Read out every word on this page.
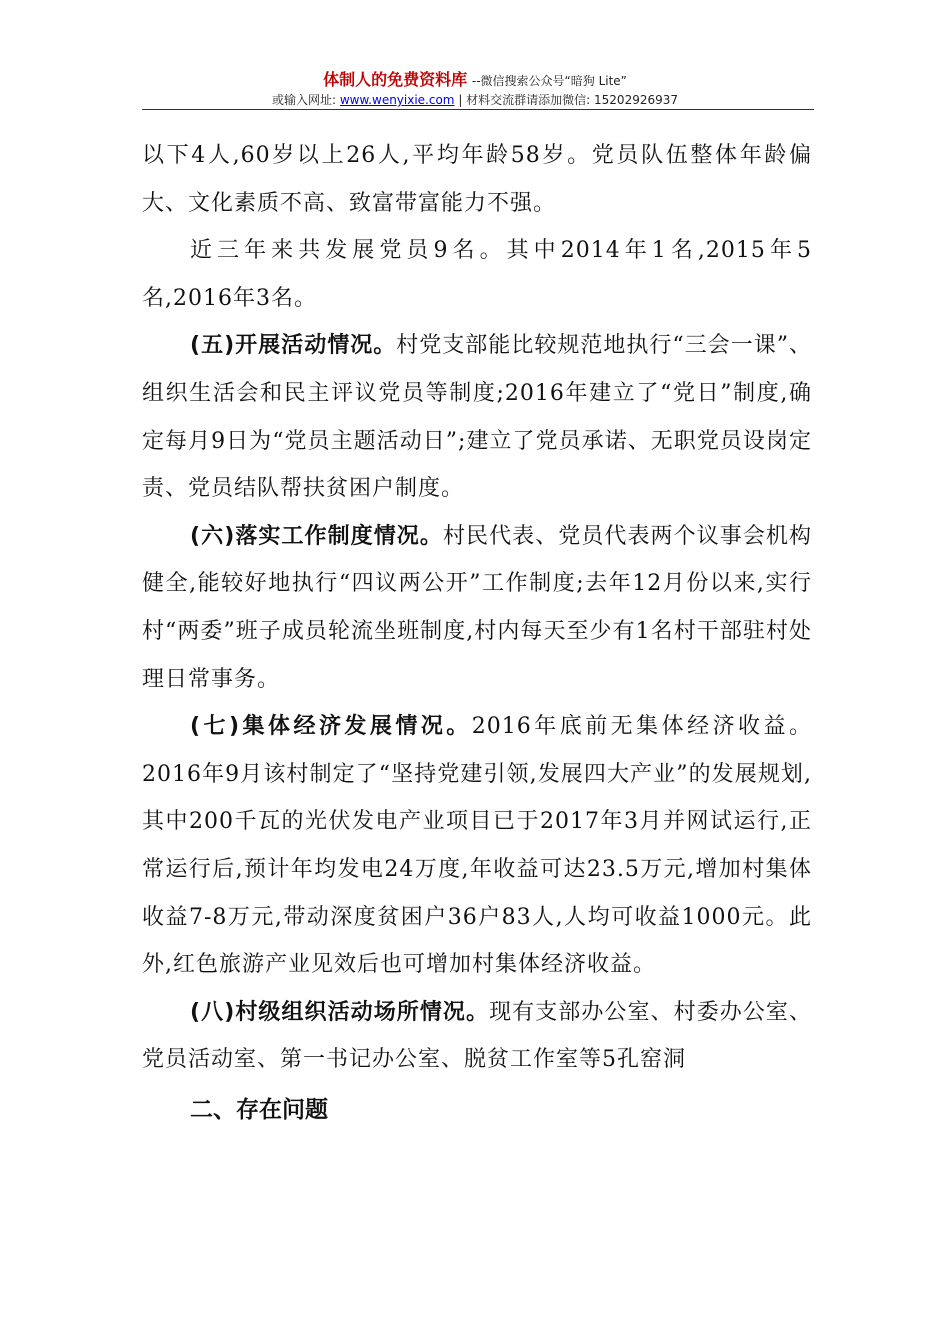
体制人的免费资料库 --微信搜索公众号“暗狗 Lite”
或输入网址: www.wenyixie.com | 材料交流群请添加微信: 15202926937

以下4人,60岁以上26人,平均年龄58岁。党员队伍整体年龄偏大、文化素质不高、致富带富能力不强。

近三年来共发展党员9名。其中2014年1名,2015年5名,2016年3名。

(五)开展活动情况。村党支部能比较规范地执行“三会一课”、组织生活会和民主评议党员等制度;2016年建立了“党日”制度,确定每月9日为“党员主题活动日”;建立了党员承诺、无职党员设岗定责、党员结队帮扶贫困户制度。

(六)落实工作制度情况。村民代表、党员代表两个议事会机构健全,能较好地执行“四议两公开”工作制度;去年12月份以来,实行村“两委”班子成员轮流坐班制度,村内每天至少有1名村干部驻村处理日常事务。

(七)集体经济发展情况。2016年底前无集体经济收益。2016年9月该村制定了“坚持党建引领,发展四大产业”的发展规划,其中200千瓦的光伏发电产业项目已于2017年3月并网试运行,正常运行后,预计年均发电24万度,年收益可达23.5万元,增加村集体收益7-8万元,带动深度贫困户36户83人,人均可收益1000元。此外,红色旅游产业见效后也可增加村集体经济收益。

(八)村级组织活动场所情况。现有支部办公室、村委办公室、党员活动室、第一书记办公室、脱贫工作室等5孔窑洞

二、存在问题
